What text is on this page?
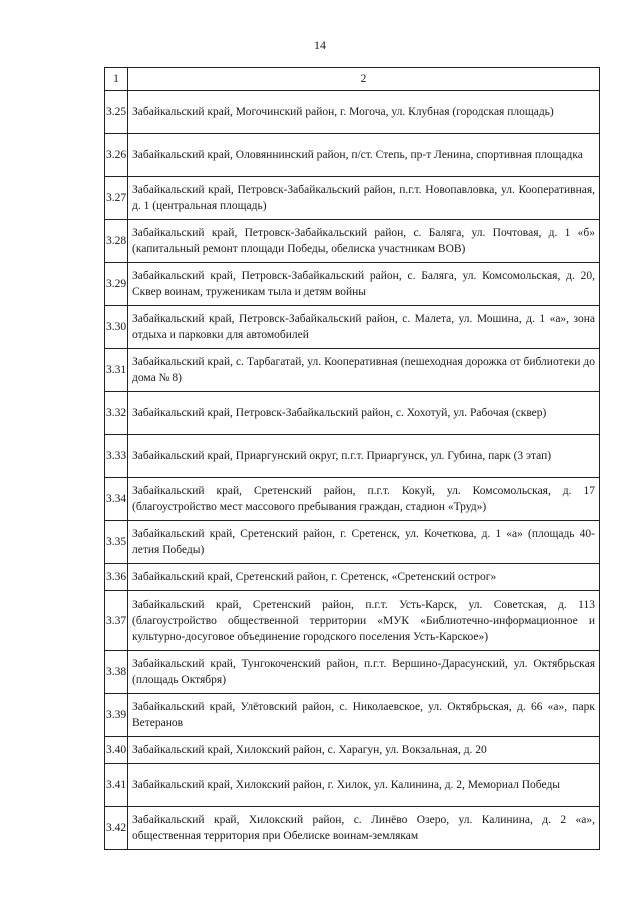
14
1	2
3.25	Забайкальский край, Могочинский район, г. Могоча, ул. Клубная (городская площадь)
3.26	Забайкальский край, Оловяннинский район, п/ст. Степь, пр-т Ленина, спортивная площадка
3.27	Забайкальский край, Петровск-Забайкальский район, п.г.т. Новопавловка, ул. Кооперативная, д. 1 (центральная площадь)
3.28	Забайкальский край, Петровск-Забайкальский район, с. Баляга, ул. Почтовая, д. 1 «б» (капитальный ремонт площади Победы, обелиска участникам ВОВ)
3.29	Забайкальский край, Петровск-Забайкальский район, с. Баляга, ул. Комсомольская, д. 20, Сквер воинам, труженикам тыла и детям войны
3.30	Забайкальский край, Петровск-Забайкальский район, с. Малета, ул. Мошина, д. 1 «а», зона отдыха и парковки для автомобилей
3.31	Забайкальский край, с. Тарбагатай, ул. Кооперативная (пешеходная дорожка от библиотеки до дома № 8)
3.32	Забайкальский край, Петровск-Забайкальский район, с. Хохотуй, ул. Рабочая (сквер)
3.33	Забайкальский край, Приаргунский округ, п.г.т. Приаргунск, ул. Губина, парк (3 этап)
3.34	Забайкальский край, Сретенский район, п.г.т. Кокуй, ул. Комсомольская, д. 17 (благоустройство мест массового пребывания граждан, стадион «Труд»)
3.35	Забайкальский край, Сретенский район, г. Сретенск, ул. Кочеткова, д. 1 «а» (площадь 40-летия Победы)
3.36	Забайкальский край, Сретенский район, г. Сретенск, «Сретенский острог»
3.37	Забайкальский край, Сретенский район, п.г.т. Усть-Карск, ул. Советская, д. 113 (благоустройство общественной территории «МУК «Библиотечно-информационное и культурно-досуговое объединение городского поселения Усть-Карское»)
3.38	Забайкальский край, Тунгокоченский район, п.г.т. Вершино-Дарасунский, ул. Октябрьская (площадь Октября)
3.39	Забайкальский край, Улётовский район, с. Николаевское, ул. Октябрьская, д. 66 «а», парк Ветеранов
3.40	Забайкальский край, Хилокский район, с. Харагун, ул. Вокзальная, д. 20
3.41	Забайкальский край, Хилокский район, г. Хилок, ул. Калинина, д. 2, Мемориал Победы
3.42	Забайкальский край, Хилокский район, с. Линёво Озеро, ул. Калинина, д. 2 «а», общественная территория при Обелиске воинам-землякам
